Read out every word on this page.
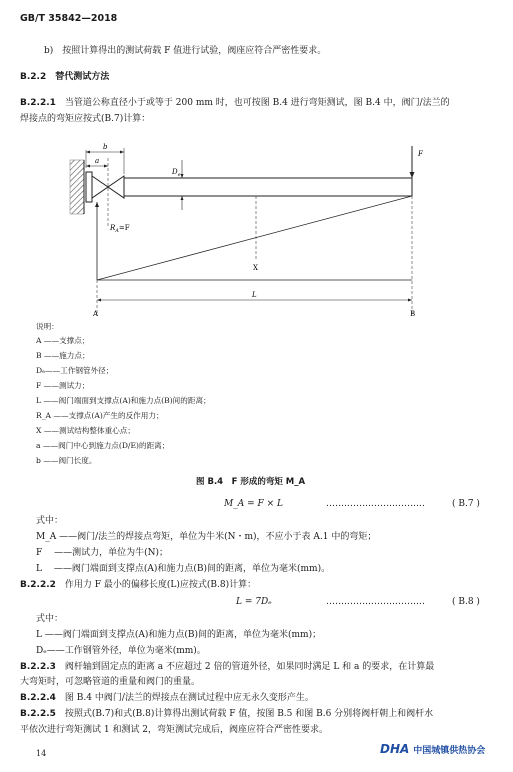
GB/T 35842—2018
b)　按照计算得出的测试荷载 F 值进行试验，阀座应符合严密性要求。
B.2.2　 替代测试方法
B.2.2.1　 当管道公称直径小于或等于 200 mm 时，也可按图 B.4 进行弯矩测试，图 B.4 中，阀门/法兰的
焊接点的弯矩应按式(B.7)计算：
b
a
$D_e$
F
$R_A=F$
X
L
A	B
说明：
A ——支撑点；
B ——施力点；
Dₑ——工作钢管外径；
F ——测试力；
L ——阀门端面到支撑点(A)和施力点(B)间的距离；
R_A ——支撑点(A)产生的反作用力；
X ——测试结构整体重心点；
a ——阀门中心到施力点(D/E)的距离；
b ——阀门长度。
图 B.4　F 形成的弯矩 M_A
M_A = F × L	……………………………	( B.7 )
式中：
M_A ——阀门/法兰的焊接点弯矩，单位为牛米(N・m)，不应小于表 A.1 中的弯矩；
F 　——测试力，单位为牛(N)；
L 　——阀门端面到支撑点(A)和施力点(B)间的距离，单位为毫米(mm)。
B.2.2.2　 作用力 F 最小的偏移长度(L)应按式(B.8)计算：
L = 7Dₑ	……………………………	( B.8 )
式中：
L ——阀门端面到支撑点(A)和施力点(B)间的距离，单位为毫米(mm)；
Dₑ——工作钢管外径，单位为毫米(mm)。
B.2.2.3　 阀杆轴到固定点的距离 a 不应超过 2 倍的管道外径，如果同时满足 L 和 a 的要求，在计算最
大弯矩时，可忽略管道的重量和阀门的重量。
B.2.2.4　 图 B.4 中阀门/法兰的焊接点在测试过程中应无永久变形产生。
B.2.2.5　 按照式(B.7)和式(B.8)计算得出测试荷载 F 值，按图 B.5 和图 B.6 分别将阀杆朝上和阀杆水
平依次进行弯矩测试 1 和测试 2，弯矩测试完成后，阀座应符合严密性要求。
14	DHA 中国城镇供热协会
